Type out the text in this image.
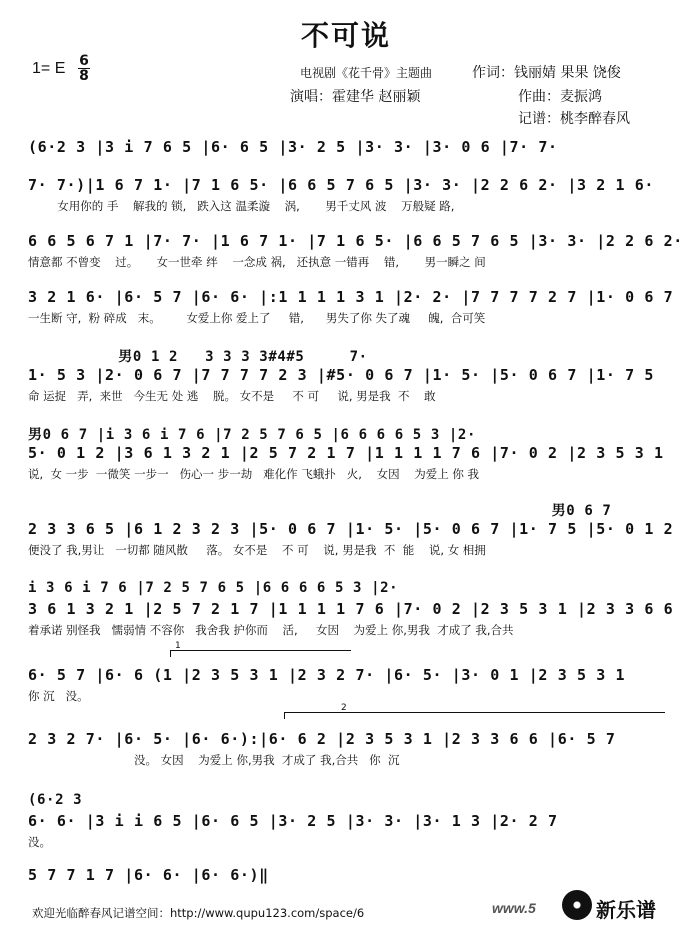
不可说
1= E 6
8	电视剧《花千骨》主题曲	作词：钱丽婧 果果 饶俊
演唱：霍建华 赵丽颖	作曲：麦振鸿
记谱：桃李醉春风
(6·2 3 |3 i 7 6 5 |6· 6 5 |3· 2 5 |3· 3· |3· 0 6 |7· 7·
7· 7·)|1 6 7 1· |7 1 6 5· |6 6 5 7 6 5 |3· 3· |2 2 6 2· |3 2 1 6·
女用你的 手    解我的 锁,   跌入这 温柔漩    涡,       男千丈风 波    万般疑 路,
6 6 5 6 7 1 |7· 7· |1 6 7 1· |7 1 6 5· |6 6 5 7 6 5 |3· 3· |2 2 6 2·
情意都 不曾变    过。     女一世牵 绊    一念成 祸,   还执意 一错再    错,       男一瞬之 间
3 2 1 6· |6· 5 7 |6· 6· |:1 1 1 1 3 1 |2· 2· |7 7 7 7 2 7 |1· 0 6 7
一生断 守,  粉 碎成   末。       女爱上你 爱上了     错,      男失了你 失了魂     魄,  合可笑
男0 1 2   3 3 3 3#4#5     7·
1· 5 3 |2· 0 6 7 |7 7 7 7 2 3 |#5· 0 6 7 |1· 5· |5· 0 6 7 |1· 7 5
命 运捉   弄,  来世   今生无 处 逃    脱。 女不是     不 可     说, 男是我  不    敢
男0 6 7 |i 3 6 i 7 6 |7 2 5 7 6 5 |6 6 6 6 5 3 |2·
5· 0 1 2 |3 6 1 3 2 1 |2 5 7 2 1 7 |1 1 1 1 7 6 |7· 0 2 |2 3 5 3 1
说,  女 一步  一微笑 一步一   伤心一 步一劫   难化作 飞蛾扑   火,    女因    为爱上 你 我
男0 6 7
2 3 3 6 5 |6 1 2 3 2 3 |5· 0 6 7 |1· 5· |5· 0 6 7 |1· 7 5 |5· 0 1 2
便没了 我,男让   一切都 随风散     落。 女不是    不 可    说, 男是我  不  能    说, 女 相拥
i 3 6 i 7 6 |7 2 5 7 6 5 |6 6 6 6 5 3 |2·
3 6 1 3 2 1 |2 5 7 2 1 7 |1 1 1 1 7 6 |7· 0 2 |2 3 5 3 1 |2 3 3 6 6
着承诺 别怪我   懦弱情 不容你   我舍我 护你而    活,     女因    为爱上 你,男我  才成了 我,合共
1
6· 5 7 |6· 6 (1 |2 3 5 3 1 |2 3 2 7· |6· 5· |3· 0 1 |2 3 5 3 1
你 沉   没。
2
2 3 2 7· |6· 5· |6· 6·):|6· 6 2 |2 3 5 3 1 |2 3 3 6 6 |6· 5 7
没。 女因    为爱上 你,男我  才成了 我,合共   你  沉
(6·2 3
6· 6· |3 i i 6 5 |6· 6 5 |3· 2 5 |3· 3· |3· 1 3 |2· 2 7
没。
5 7 7 1 7 |6· 6· |6· 6·)‖
欢迎光临醉春风记谱空间：http://www.qupu123.com/space/6	www.5	新乐谱
